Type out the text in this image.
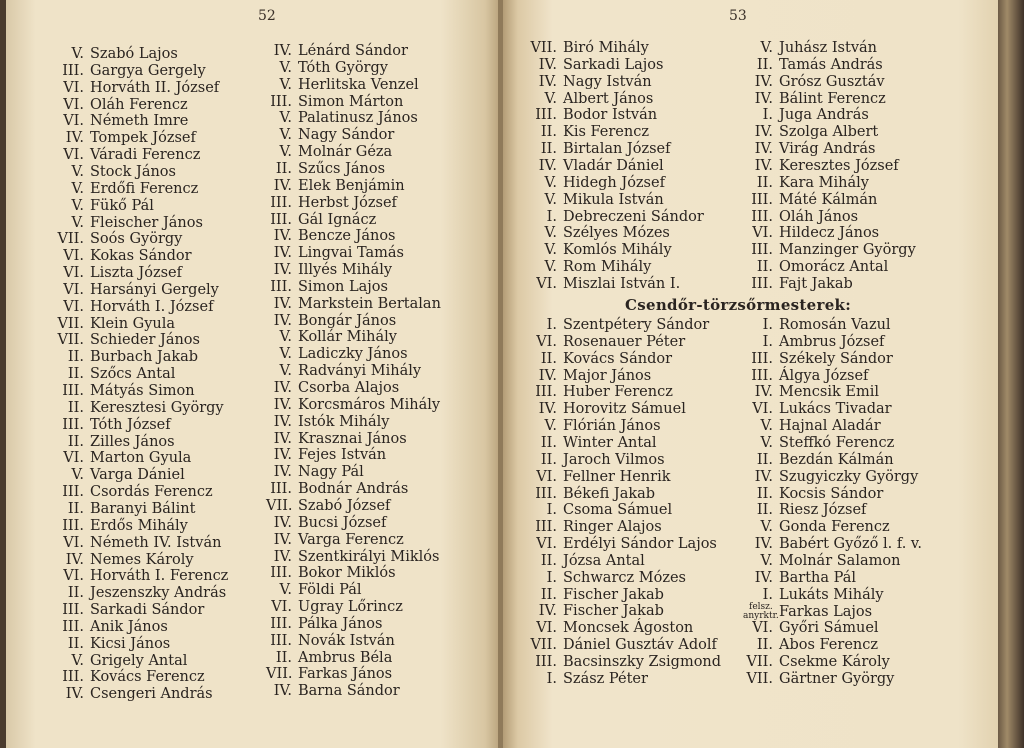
52
V. Szabó Lajos
III. Gargya Gergely
VI. Horváth II. József
VI. Oláh Ferencz
VI. Németh Imre
IV. Tompek József
VI. Váradi Ferencz
V. Stock János
V. Erdőfi Ferencz
V. Fükő Pál
V. Fleischer János
VII. Soós György
VI. Kokas Sándor
VI. Liszta József
VI. Harsányi Gergely
VI. Horváth I. József
VII. Klein Gyula
VII. Schieder János
II. Burbach Jakab
II. Szőcs Antal
III. Mátyás Simon
II. Keresztesi György
III. Tóth József
II. Zilles János
VI. Marton Gyula
V. Varga Dániel
III. Csordás Ferencz
II. Baranyi Bálint
III. Erdős Mihály
VI. Németh IV. István
IV. Nemes Károly
VI. Horváth I. Ferencz
II. Jeszenszky András
III. Sarkadi Sándor
III. Anik János
II. Kicsi János
V. Grigely Antal
III. Kovács Ferencz
IV. Csengeri András
IV. Lénárd Sándor
V. Tóth György
V. Herlitska Venzel
III. Simon Márton
V. Palatinusz János
V. Nagy Sándor
V. Molnár Géza
II. Szűcs János
IV. Elek Benjámin
III. Herbst József
III. Gál Ignácz
IV. Bencze János
IV. Lingvai Tamás
IV. Illyés Mihály
III. Simon Lajos
IV. Markstein Bertalan
IV. Bongár János
V. Kollár Mihály
V. Ladiczky János
V. Radványi Mihály
IV. Csorba Alajos
IV. Korcsmáros Mihály
IV. Istók Mihály
IV. Krasznai János
IV. Fejes István
IV. Nagy Pál
III. Bodnár András
VII. Szabó József
IV. Bucsi József
IV. Varga Ferencz
IV. Szentkirályi Miklós
III. Bokor Miklós
V. Földi Pál
VI. Ugray Lőrincz
III. Pálka János
III. Novák István
II. Ambrus Béla
VII. Farkas János
IV. Barna Sándor
53
VII. Biró Mihály
IV. Sarkadi Lajos
IV. Nagy István
V. Albert János
III. Bodor István
II. Kis Ferencz
II. Birtalan József
IV. Vladár Dániel
V. Hidegh József
V. Mikula István
I. Debreczeni Sándor
V. Szélyes Mózes
V. Komlós Mihály
V. Rom Mihály
VI. Miszlai István I.
V. Juhász István
II. Tamás András
IV. Grósz Gusztáv
IV. Bálint Ferencz
I. Juga András
IV. Szolga Albert
IV. Virág András
IV. Keresztes József
II. Kara Mihály
III. Máté Kálmán
III. Oláh János
VI. Hildecz János
III. Manzinger György
II. Omorácz Antal
III. Fajt Jakab
Csendőr-törzsőrmesterek:
I. Szentpétery Sándor
VI. Rosenauer Péter
II. Kovács Sándor
IV. Major János
III. Huber Ferencz
IV. Horovitz Sámuel
V. Flórián János
II. Winter Antal
II. Jaroch Vilmos
VI. Fellner Henrik
III. Békefi Jakab
I. Csoma Sámuel
III. Ringer Alajos
VI. Erdélyi Sándor Lajos
II. Józsa Antal
I. Schwarcz Mózes
II. Fischer Jakab
IV. Fischer Jakab
VI. Moncsek Ágoston
VII. Dániel Gusztáv Adolf
III. Bacsinszky Zsigmond
I. Szász Péter
I. Romosán Vazul
I. Ambrus József
III. Székely Sándor
III. Álgya József
IV. Mencsik Emil
VI. Lukács Tivadar
V. Hajnal Aladár
V. Steffkó Ferencz
II. Bezdán Kálmán
IV. Szugyiczky György
II. Kocsis Sándor
II. Riesz József
V. Gonda Ferencz
IV. Babért Győző l. f. v.
V. Molnár Salamon
IV. Bartha Pál
I. Lukáts Mihály
felsz.
anyrktr.Farkas Lajos
VI. Győri Sámuel
II. Abos Ferencz
VII. Csekme Károly
VII. Gärtner György
